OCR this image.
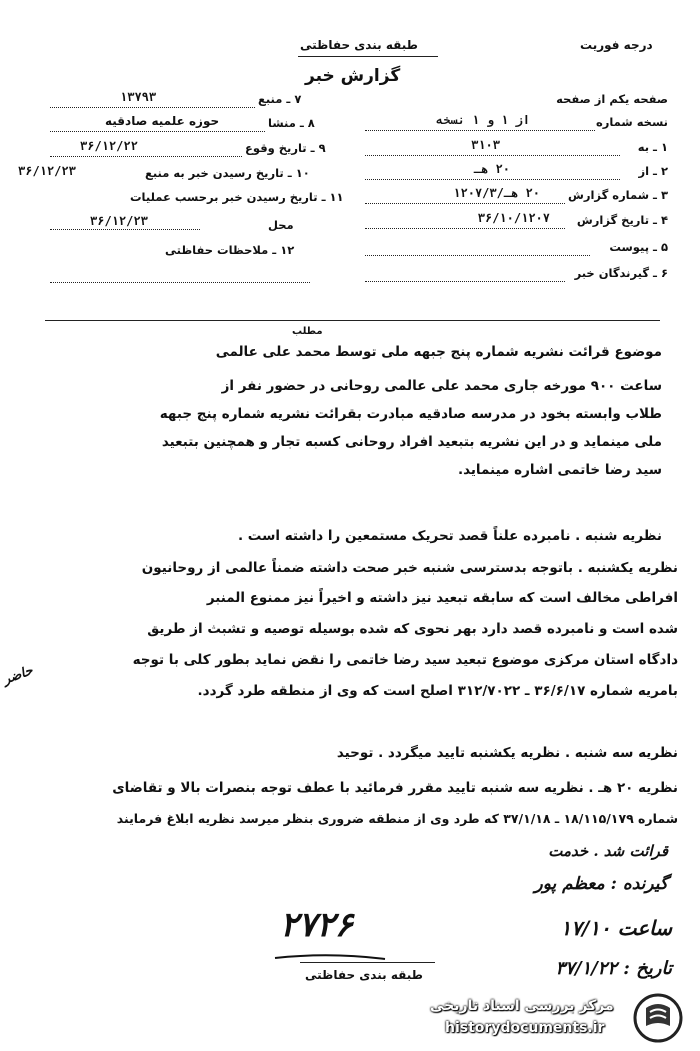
طبقه بندی حفاظتی	درجه فوریت
گزارش خبر
صفحه یکم از صفحه
نسخه شماره
از ۱ و ۱ نسخه
۱ ـ به
۳۱۰۳
۲ ـ از
۲۰ هـ
۳ ـ شماره گزارش
۲۰ هـ/۱۲۰۷/۳
۴ ـ تاریخ گزارش
۳۶/۱۰/۱۲۰۷
۵ ـ پیوست
۶ ـ گیرندگان خبر
۷ ـ منبع
۱۳۷۹۳
۸ ـ منشا
حوزه علمیه صادقیه
۹ ـ تاریخ وقوع
۳۶/۱۲/۲۲
۱۰ ـ تاریخ رسیدن خبر به منبع
۳۶/۱۲/۲۳
۱۱ ـ تاریخ رسیدن خبر برحسب عملیات
۳۶/۱۲/۲۳	محل
۱۲ ـ ملاحظات حفاظتی
مطلب
موضوع قرائت نشریه شماره پنج جبهه ملی توسط محمد علی عالمی
ساعت ۹۰۰ مورخه جاری محمد علی عالمی روحانی در حضور نفر از
طلاب وابسته بخود در مدرسه صادقیه مبادرت بقرائت نشریه شماره پنج جبهه
ملی مینماید و در این نشریه بتبعید افراد روحانی کسبه تجار و همچنین بتبعید
سید رضا خاتمی اشاره مینماید.
نظریه شنبه . نامبرده علناً قصد تحریک مستمعین را داشته است .
نظریه یکشنبه . باتوجه بدسترسی شنبه خبر صحت داشته ضمناً عالمی از روحانیون
افراطی مخالف است که سابقه تبعید نیز داشته و اخیراً نیز ممنوع المنبر
شده است و نامبرده قصد دارد بهر نحوی که شده بوسیله توصیه و تشبث از طریق
دادگاه استان مرکزی موضوع تبعید سید رضا خاتمی را نقض نماید بطور کلی با توجه
بامریه شماره ۳۶/۶/۱۷ ـ ۳۱۲/۷۰۲۲ اصلح است که وی از منطقه طرد گردد.
حاضر
نظریه سه شنبه . نظریه یکشنبه تایید میگردد . توحید
نظریه ۲۰ هـ . نظریه سه شنبه تایید مقرر فرمائید با عطف توجه بنصرات بالا و تقاضای
شماره ۱۸/۱۱۵/۱۷۹ ـ ۳۷/۱/۱۸ که طرد وی از منطقه ضروری بنظر میرسد نظریه ابلاغ فرمایند
قرائت شد . خدمت
گیرنده : معظم پور
ساعت ۱۷/۱۰
تاریخ : ۳۷/۱/۲۲
۲۷۲۶
طبقه بندی حفاظتی
مرکز بررسی اسناد تاریخی
historydocuments.ir
